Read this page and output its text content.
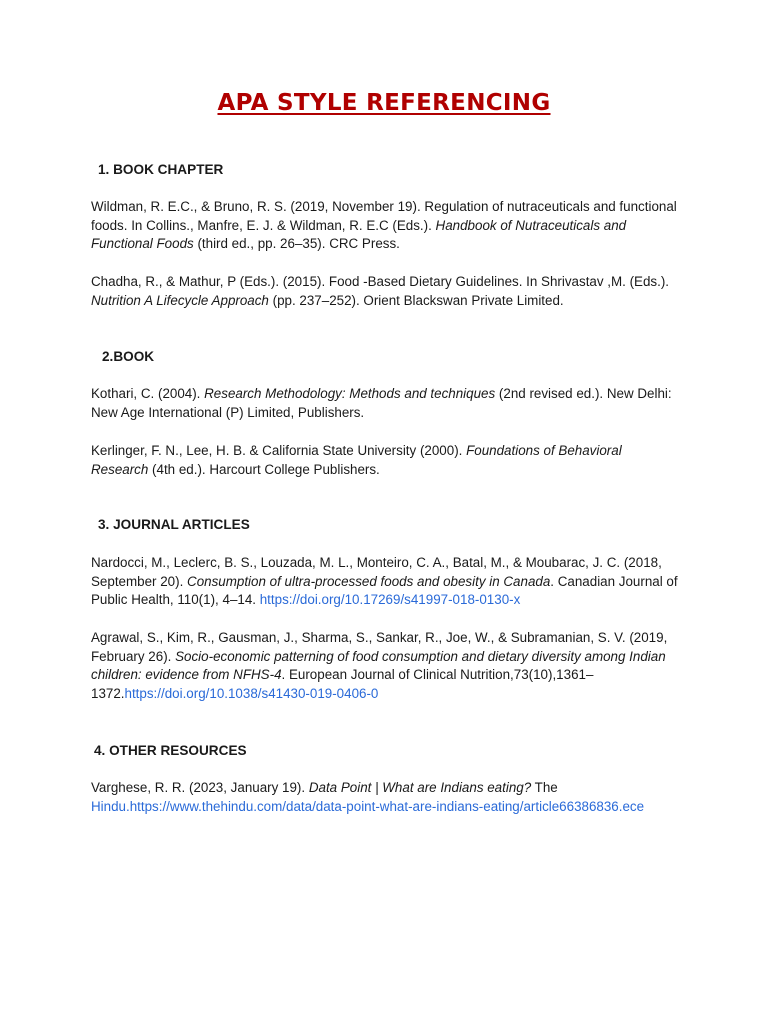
APA STYLE REFERENCING
1. BOOK CHAPTER
Wildman, R. E.C., & Bruno, R. S. (2019, November 19). Regulation of nutraceuticals and functional foods. In Collins., Manfre, E. J. & Wildman, R. E.C (Eds.). Handbook of Nutraceuticals and Functional Foods (third ed., pp. 26–35). CRC Press.
Chadha, R., & Mathur, P (Eds.). (2015). Food -Based Dietary Guidelines. In Shrivastav ,M. (Eds.). Nutrition A Lifecycle Approach (pp. 237–252). Orient Blackswan Private Limited.
2.BOOK
Kothari, C. (2004). Research Methodology: Methods and techniques (2nd revised ed.). New Delhi: New Age International (P) Limited, Publishers.
Kerlinger, F. N., Lee, H. B. & California State University (2000). Foundations of Behavioral Research (4th ed.). Harcourt College Publishers.
3. JOURNAL ARTICLES
Nardocci, M., Leclerc, B. S., Louzada, M. L., Monteiro, C. A., Batal, M., & Moubarac, J. C. (2018, September 20). Consumption of ultra-processed foods and obesity in Canada. Canadian Journal of Public Health, 110(1), 4–14. https://doi.org/10.17269/s41997-018-0130-x
Agrawal, S., Kim, R., Gausman, J., Sharma, S., Sankar, R., Joe, W., & Subramanian, S. V. (2019, February 26). Socio-economic patterning of food consumption and dietary diversity among Indian children: evidence from NFHS-4. European Journal of Clinical Nutrition,73(10),1361–1372.https://doi.org/10.1038/s41430-019-0406-0
4. OTHER RESOURCES
Varghese, R. R. (2023, January 19). Data Point | What are Indians eating? The Hindu.https://www.thehindu.com/data/data-point-what-are-indians-eating/article66386836.ece
